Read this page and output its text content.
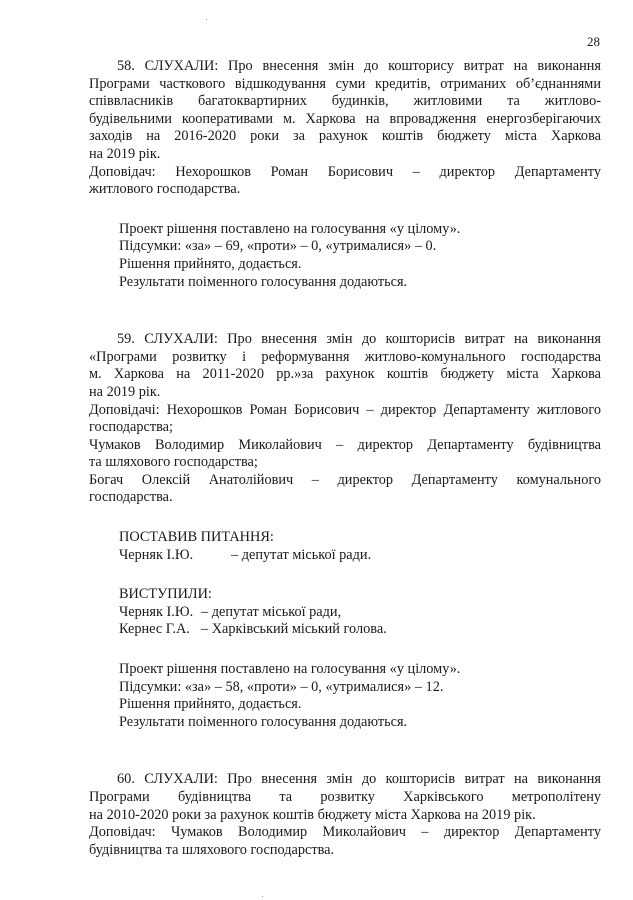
28

58. СЛУХАЛИ: Про внесення змін до кошторису витрат на виконання

Програми часткового відшкодування суми кредитів, отриманих об’єднаннями

співвласників багатоквартирних будинків, житловими та житлово-

будівельними кооперативами м. Харкова на впровадження енергозберігаючих

заходів на 2016-2020 роки за рахунок коштів бюджету міста Харкова

на 2019 рік.

Доповідач: Нехорошков Роман Борисович – директор Департаменту

житлового господарства.

Проект рішення поставлено на голосування «у цілому».

Підсумки: «за» – 69, «проти» – 0, «утрималися» – 0.

Рішення прийнято, додається.

Результати поіменного голосування додаються.

59. СЛУХАЛИ: Про внесення змін до кошторисів витрат на виконання

«Програми розвитку і реформування житлово-комунального господарства

м. Харкова на 2011-2020 рр.»за рахунок коштів бюджету міста Харкова

на 2019 рік.

Доповідачі: Нехорошков Роман Борисович – директор Департаменту житлового

господарства;

Чумаков Володимир Миколайович – директор Департаменту будівництва

та шляхового господарства;

Богач Олексій Анатолійович – директор Департаменту комунального

господарства.

ПОСТАВИВ ПИТАННЯ:

Черняк І.Ю.	– депутат міської ради.

ВИСТУПИЛИ:

Черняк І.Ю. – депутат міської ради,

Кернес Г.А. – Харківський міський голова.

Проект рішення поставлено на голосування «у цілому».

Підсумки: «за» – 58, «проти» – 0, «утрималися» – 12.

Рішення прийнято, додається.

Результати поіменного голосування додаються.

60. СЛУХАЛИ: Про внесення змін до кошторисів витрат на виконання

Програми будівництва та розвитку Харківського метрополітену

на 2010-2020 роки за рахунок коштів бюджету міста Харкова на 2019 рік.

Доповідач: Чумаков Володимир Миколайович – директор Департаменту

будівництва та шляхового господарства.
